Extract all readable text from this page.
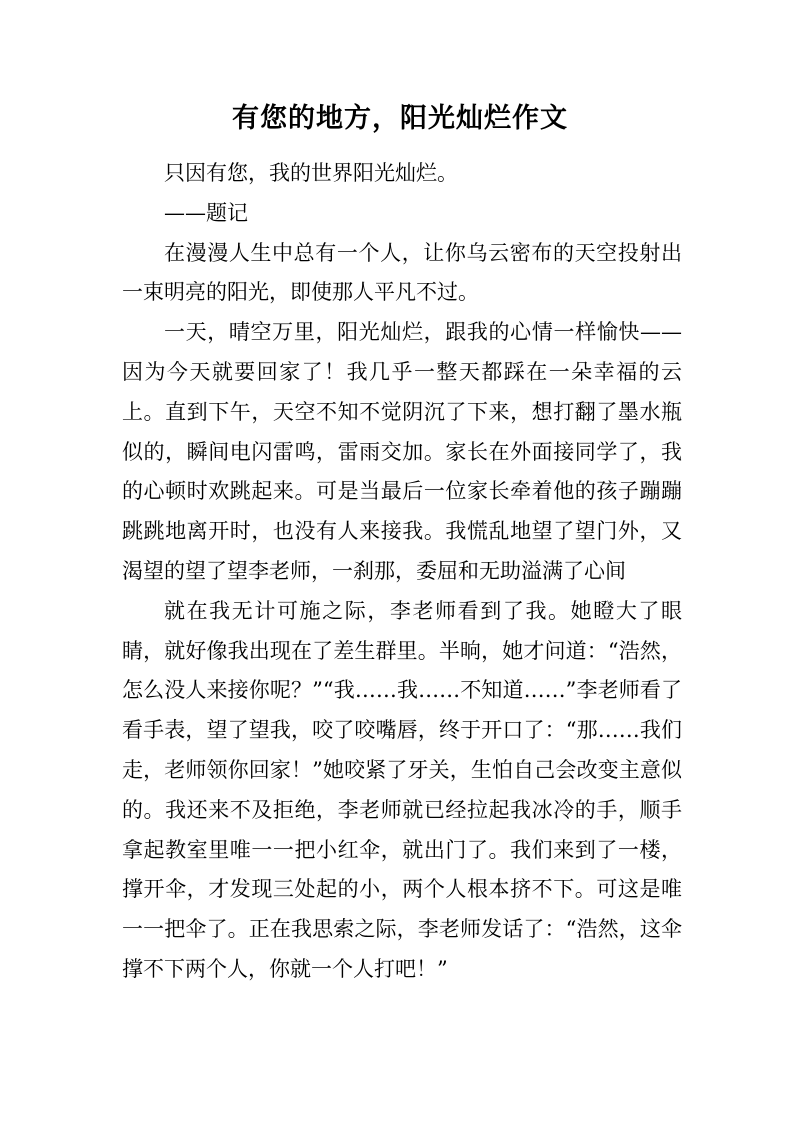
有您的地方，阳光灿烂作文

只因有您，我的世界阳光灿烂。

——题记

在漫漫人生中总有一个人，让你乌云密布的天空投射出一束明亮的阳光，即使那人平凡不过。

一天，晴空万里，阳光灿烂，跟我的心情一样愉快——因为今天就要回家了！我几乎一整天都踩在一朵幸福的云上。直到下午，天空不知不觉阴沉了下来，想打翻了墨水瓶似的，瞬间电闪雷鸣，雷雨交加。家长在外面接同学了，我的心顿时欢跳起来。可是当最后一位家长牵着他的孩子蹦蹦跳跳地离开时，也没有人来接我。我慌乱地望了望门外，又渴望的望了望李老师，一刹那，委屈和无助溢满了心间

就在我无计可施之际，李老师看到了我。她瞪大了眼睛，就好像我出现在了差生群里。半晌，她才问道：“浩然，怎么没人来接你呢？”“我……我……不知道……”李老师看了看手表，望了望我，咬了咬嘴唇，终于开口了：“那……我们走，老师领你回家！”她咬紧了牙关，生怕自己会改变主意似的。我还来不及拒绝，李老师就已经拉起我冰冷的手，顺手拿起教室里唯一一把小红伞，就出门了。我们来到了一楼，撑开伞，才发现三处起的小，两个人根本挤不下。可这是唯一一把伞了。正在我思索之际，李老师发话了：“浩然，这伞撑不下两个人，你就一个人打吧！”
